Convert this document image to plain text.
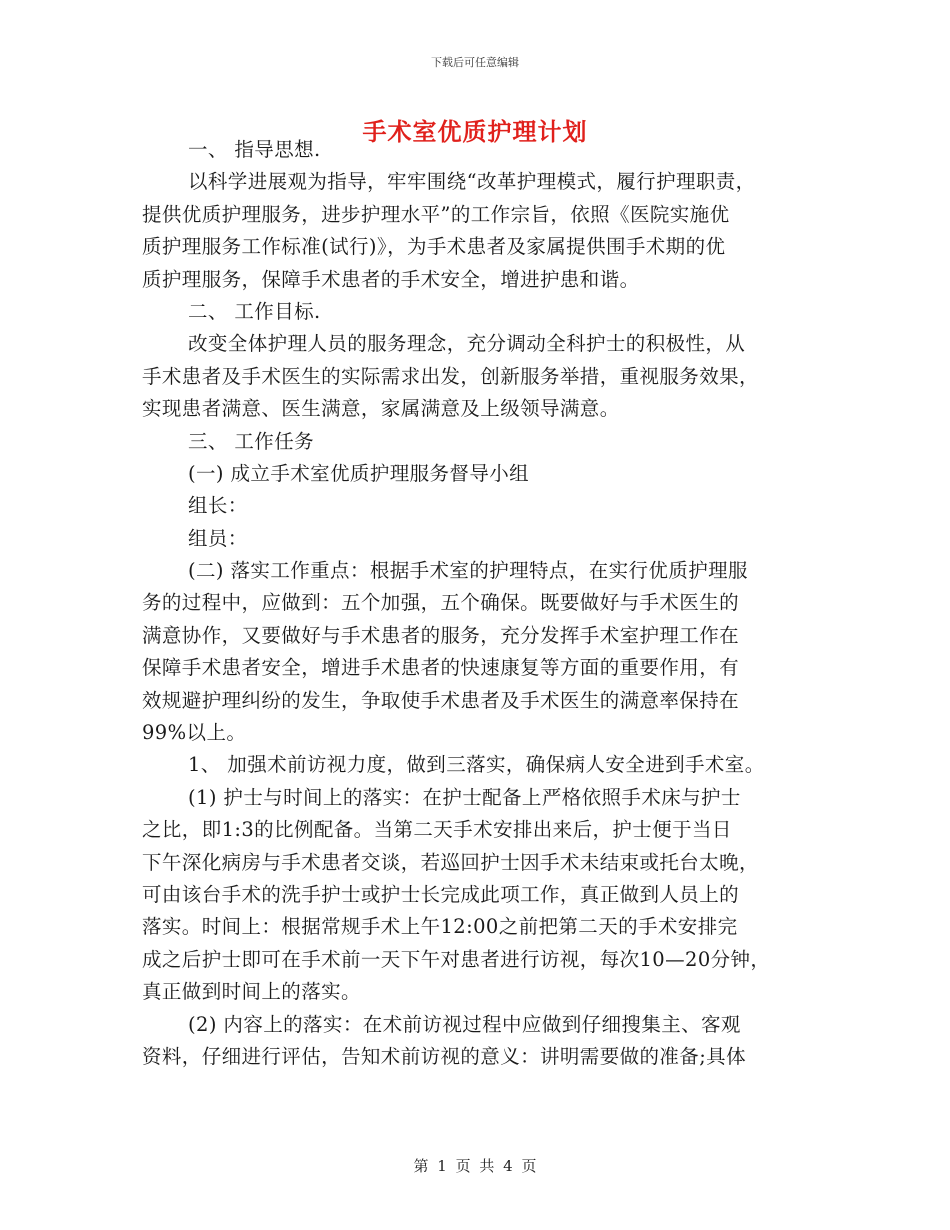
下载后可任意编辑
手术室优质护理计划
一、 指导思想.
以科学进展观为指导，牢牢围绕“改革护理模式，履行护理职责，
提供优质护理服务，进步护理水平”的工作宗旨，依照《医院实施优
质护理服务工作标准(试行)》，为手术患者及家属提供围手术期的优
质护理服务，保障手术患者的手术安全，增进护患和谐。
二、 工作目标.
改变全体护理人员的服务理念，充分调动全科护士的积极性，从
手术患者及手术医生的实际需求出发，创新服务举措，重视服务效果，
实现患者满意、医生满意，家属满意及上级领导满意。
三、 工作任务
(一) 成立手术室优质护理服务督导小组
组长：
组员：
(二) 落实工作重点：根据手术室的护理特点，在实行优质护理服
务的过程中，应做到：五个加强，五个确保。既要做好与手术医生的
满意协作，又要做好与手术患者的服务，充分发挥手术室护理工作在
保障手术患者安全，增进手术患者的快速康复等方面的重要作用，有
效规避护理纠纷的发生，争取使手术患者及手术医生的满意率保持在
99%以上。
1、 加强术前访视力度，做到三落实，确保病人安全进到手术室。
(1) 护士与时间上的落实：在护士配备上严格依照手术床与护士
之比，即1:3的比例配备。当第二天手术安排出来后，护士便于当日
下午深化病房与手术患者交谈，若巡回护士因手术未结束或托台太晚，
可由该台手术的洗手护士或护士长完成此项工作，真正做到人员上的
落实。时间上：根据常规手术上午12:00之前把第二天的手术安排完
成之后护士即可在手术前一天下午对患者进行访视，每次10—20分钟，
真正做到时间上的落实。
(2) 内容上的落实：在术前访视过程中应做到仔细搜集主、客观
资料，仔细进行评估，告知术前访视的意义：讲明需要做的准备;具体
第 1 页 共 4 页
